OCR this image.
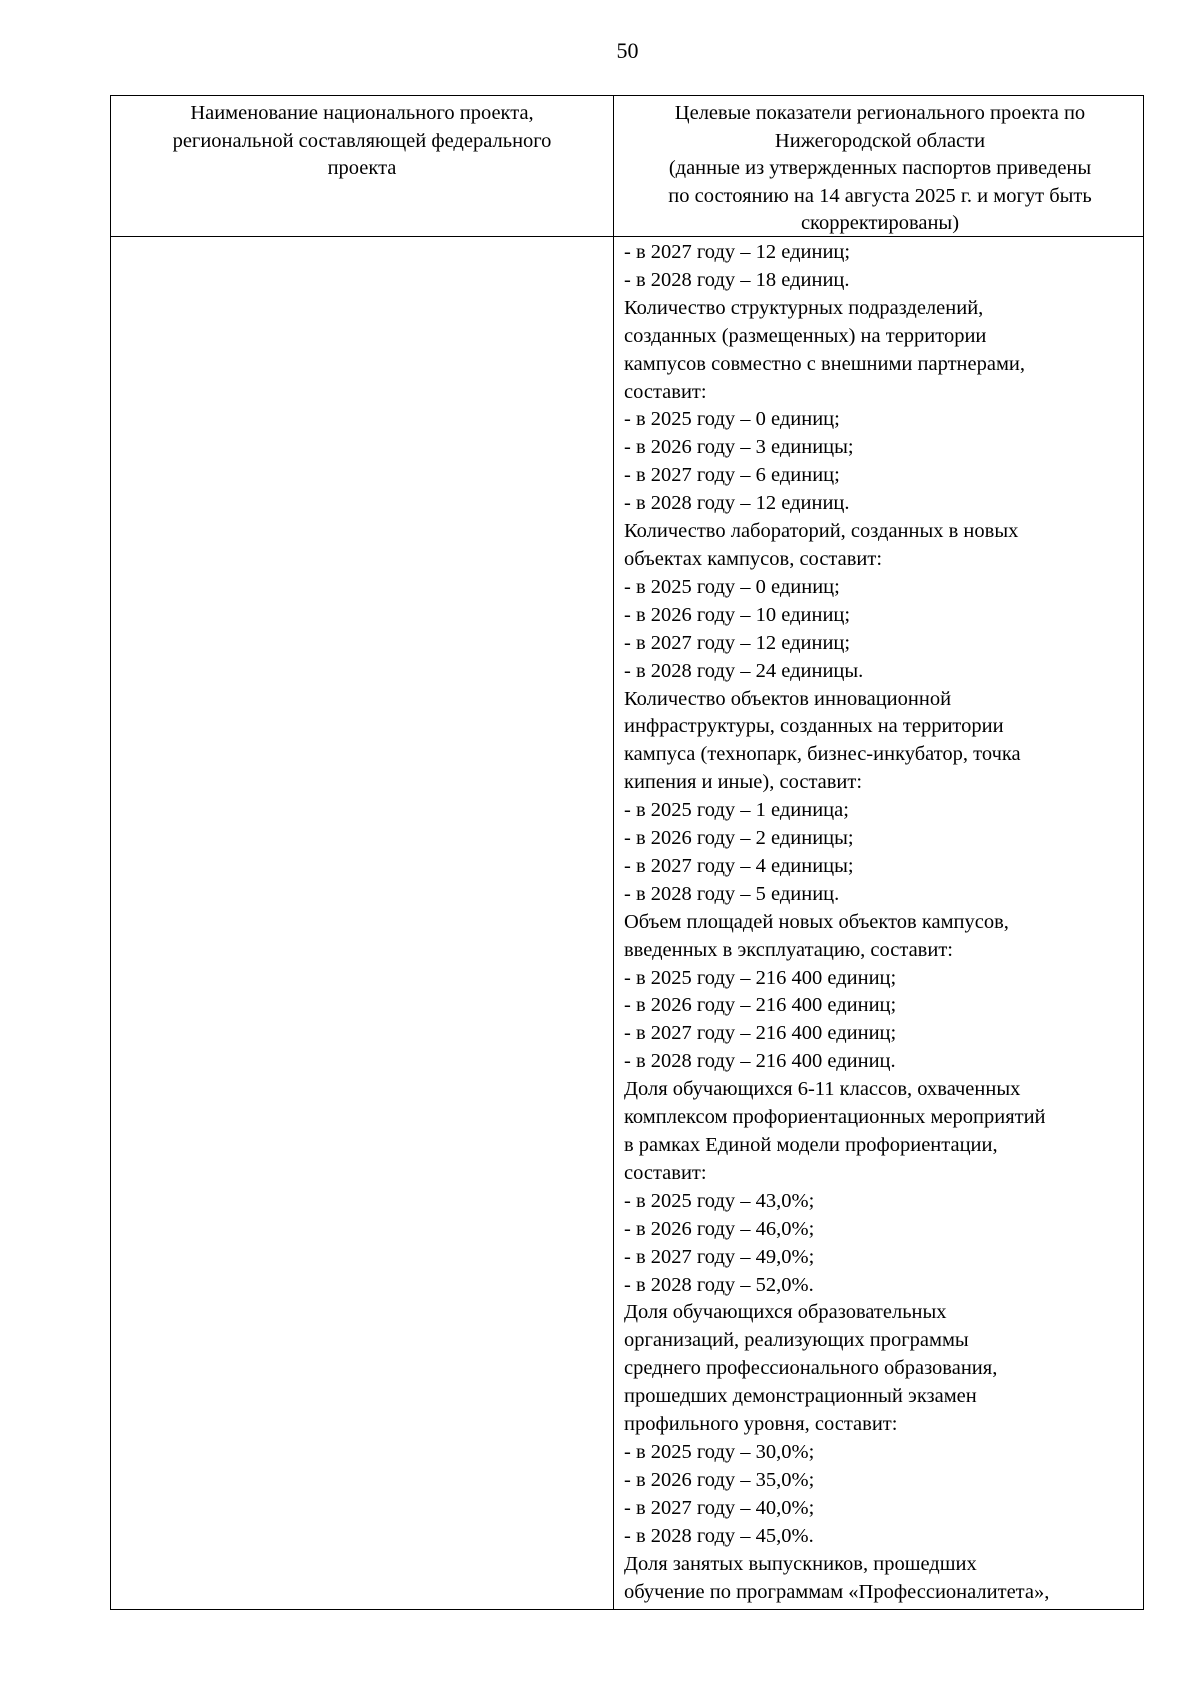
50
Наименование национального проекта,
региональной составляющей федерального
проекта
Целевые показатели регионального проекта по
Нижегородской области
(данные из утвержденных паспортов приведены
по состоянию на 14 августа 2025 г. и могут быть
скорректированы)
- в 2027 году – 12 единиц;
- в 2028 году – 18 единиц.
Количество структурных подразделений,
созданных (размещенных) на территории
кампусов совместно с внешними партнерами,
составит:
- в 2025 году – 0 единиц;
- в 2026 году – 3 единицы;
- в 2027 году – 6 единиц;
- в 2028 году – 12 единиц.
Количество лабораторий, созданных в новых
объектах кампусов, составит:
- в 2025 году – 0 единиц;
- в 2026 году – 10 единиц;
- в 2027 году – 12 единиц;
- в 2028 году – 24 единицы.
Количество объектов инновационной
инфраструктуры, созданных на территории
кампуса (технопарк, бизнес-инкубатор, точка
кипения и иные), составит:
- в 2025 году – 1 единица;
- в 2026 году – 2 единицы;
- в 2027 году – 4 единицы;
- в 2028 году – 5 единиц.
Объем площадей новых объектов кампусов,
введенных в эксплуатацию, составит:
- в 2025 году – 216 400 единиц;
- в 2026 году – 216 400 единиц;
- в 2027 году – 216 400 единиц;
- в 2028 году – 216 400 единиц.
Доля обучающихся 6-11 классов, охваченных
комплексом профориентационных мероприятий
в рамках Единой модели профориентации,
составит:
- в 2025 году – 43,0%;
- в 2026 году – 46,0%;
- в 2027 году – 49,0%;
- в 2028 году – 52,0%.
Доля обучающихся образовательных
организаций, реализующих программы
среднего профессионального образования,
прошедших демонстрационный экзамен
профильного уровня, составит:
- в 2025 году – 30,0%;
- в 2026 году – 35,0%;
- в 2027 году – 40,0%;
- в 2028 году – 45,0%.
Доля занятых выпускников, прошедших
обучение по программам «Профессионалитета»,
